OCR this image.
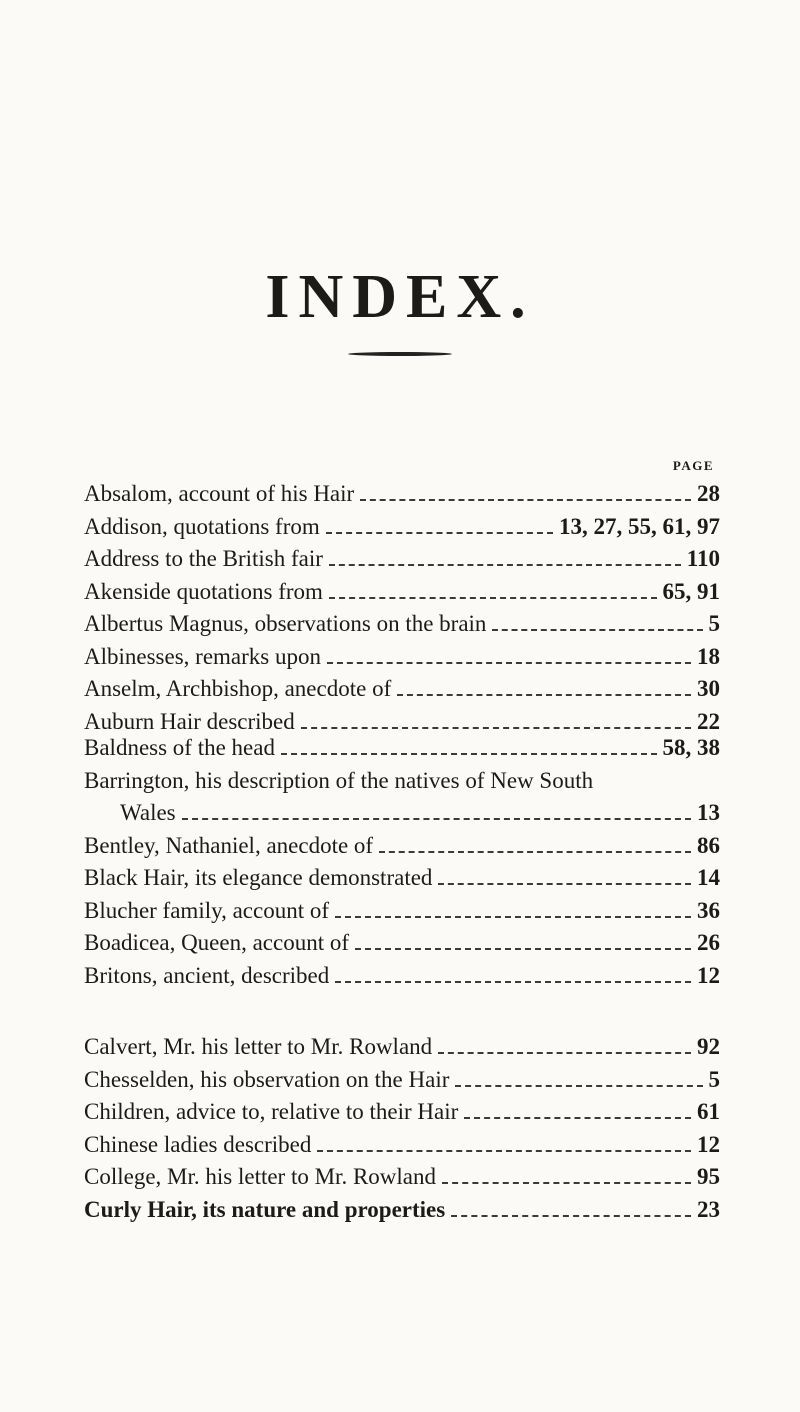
INDEX.
PAGE
Absalom, account of his Hair	28
Addison, quotations from	13, 27, 55, 61, 97
Address to the British fair	110
Akenside quotations from	65, 91
Albertus Magnus, observations on the brain	5
Albinesses, remarks upon	18
Anselm, Archbishop, anecdote of	30
Auburn Hair described	22
Baldness of the head	58, 38
Barrington, his description of the natives of New South
Wales	13
Bentley, Nathaniel, anecdote of	86
Black Hair, its elegance demonstrated	14
Blucher family, account of	36
Boadicea, Queen, account of	26
Britons, ancient, described	12
Calvert, Mr. his letter to Mr. Rowland	92
Chesselden, his observation on the Hair	5
Children, advice to, relative to their Hair	61
Chinese ladies described	12
College, Mr. his letter to Mr. Rowland	95
Curly Hair, its nature and properties	23
